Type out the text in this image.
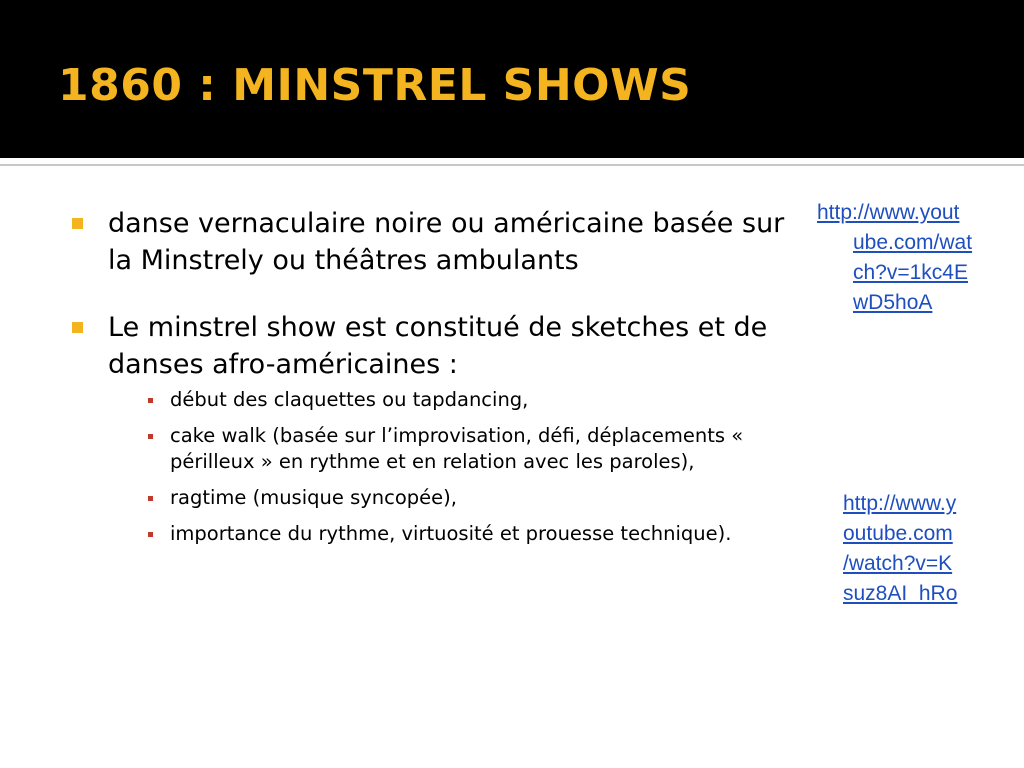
1860 : MINSTREL SHOWS
danse vernaculaire noire ou américaine basée sur la Minstrely ou théâtres ambulants
Le minstrel show est constitué de sketches et de danses afro-américaines :
début des claquettes ou tapdancing,
cake walk (basée sur l’improvisation, défi, déplacements « périlleux » en rythme et en relation avec les paroles),
ragtime (musique syncopée),
importance du rythme, virtuosité et prouesse technique).
http://www.yout
ube.com/wat
ch?v=1kc4E
wD5hoA
http://www.y
outube.com
/watch?v=K
suz8AI_hRo
